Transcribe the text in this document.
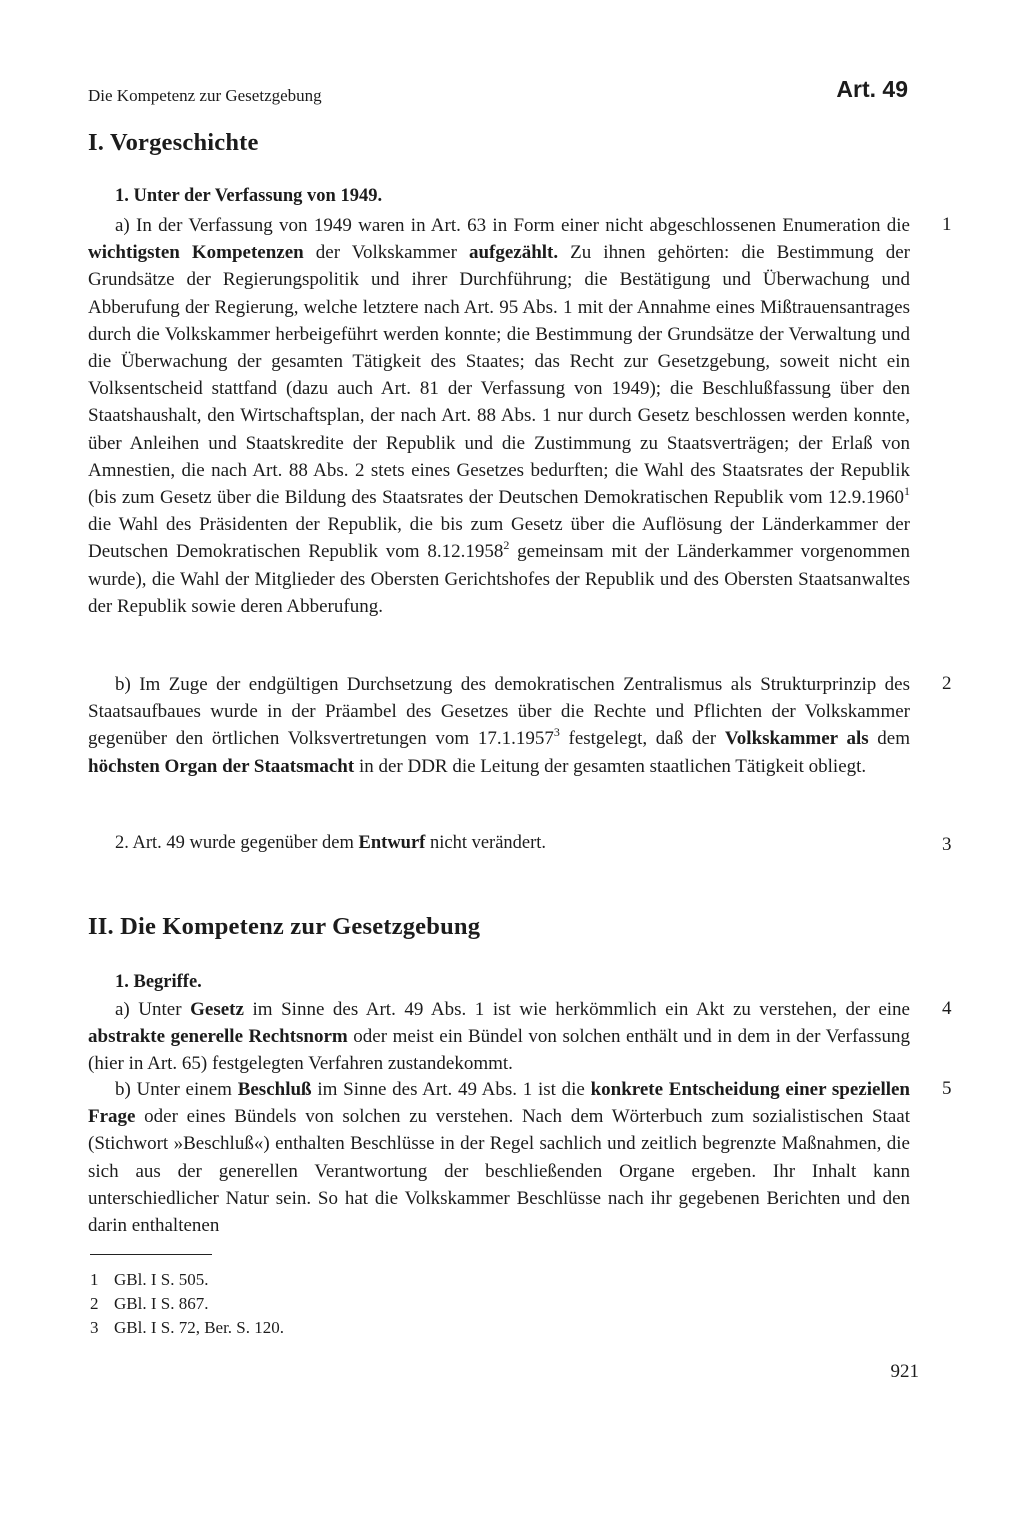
Die Kompetenz zur Gesetzgebung	Art. 49
I. Vorgeschichte
1. Unter der Verfassung von 1949.
a) In der Verfassung von 1949 waren in Art. 63 in Form einer nicht abgeschlossenen Enumeration die wichtigsten Kompetenzen der Volkskammer aufgezählt. Zu ihnen gehörten: die Bestimmung der Grundsätze der Regierungspolitik und ihrer Durchführung; die Bestätigung und Überwachung und Abberufung der Regierung, welche letztere nach Art. 95 Abs. 1 mit der Annahme eines Mißtrauensantrages durch die Volkskammer herbeigeführt werden konnte; die Bestimmung der Grundsätze der Verwaltung und die Überwachung der gesamten Tätigkeit des Staates; das Recht zur Gesetzgebung, soweit nicht ein Volksentscheid stattfand (dazu auch Art. 81 der Verfassung von 1949); die Beschlußfassung über den Staatshaushalt, den Wirtschaftsplan, der nach Art. 88 Abs. 1 nur durch Gesetz beschlossen werden konnte, über Anleihen und Staatskredite der Republik und die Zustimmung zu Staatsverträgen; der Erlaß von Amnestien, die nach Art. 88 Abs. 2 stets eines Gesetzes bedurften; die Wahl des Staatsrates der Republik (bis zum Gesetz über die Bildung des Staatsrates der Deutschen Demokratischen Republik vom 12.9.1960$^1$ die Wahl des Präsidenten der Republik, die bis zum Gesetz über die Auflösung der Länderkammer der Deutschen Demokratischen Republik vom 8.12.1958$^2$ gemeinsam mit der Länderkammer vorgenommen wurde), die Wahl der Mitglieder des Obersten Gerichtshofes der Republik und des Obersten Staatsanwaltes der Republik sowie deren Abberufung.
1
b) Im Zuge der endgültigen Durchsetzung des demokratischen Zentralismus als Strukturprinzip des Staatsaufbaues wurde in der Präambel des Gesetzes über die Rechte und Pflichten der Volkskammer gegenüber den örtlichen Volksvertretungen vom 17.1.1957$^3$ festgelegt, daß der Volkskammer als dem höchsten Organ der Staatsmacht in der DDR die Leitung der gesamten staatlichen Tätigkeit obliegt.
2
2. Art. 49 wurde gegenüber dem Entwurf nicht verändert.	3
II. Die Kompetenz zur Gesetzgebung
1. Begriffe.
a) Unter Gesetz im Sinne des Art. 49 Abs. 1 ist wie herkömmlich ein Akt zu verstehen, der eine abstrakte generelle Rechtsnorm oder meist ein Bündel von solchen enthält und in dem in der Verfassung (hier in Art. 65) festgelegten Verfahren zustandekommt.
4
b) Unter einem Beschluß im Sinne des Art. 49 Abs. 1 ist die konkrete Entscheidung einer speziellen Frage oder eines Bündels von solchen zu verstehen. Nach dem Wörterbuch zum sozialistischen Staat (Stichwort »Beschluß«) enthalten Beschlüsse in der Regel sachlich und zeitlich begrenzte Maßnahmen, die sich aus der generellen Verantwortung der beschließenden Organe ergeben. Ihr Inhalt kann unterschiedlicher Natur sein. So hat die Volkskammer Beschlüsse nach ihr gegebenen Berichten und den darin enthaltenen
5
1 GBl. I S. 505.
2 GBl. I S. 867.
3 GBl. I S. 72, Ber. S. 120.
921
